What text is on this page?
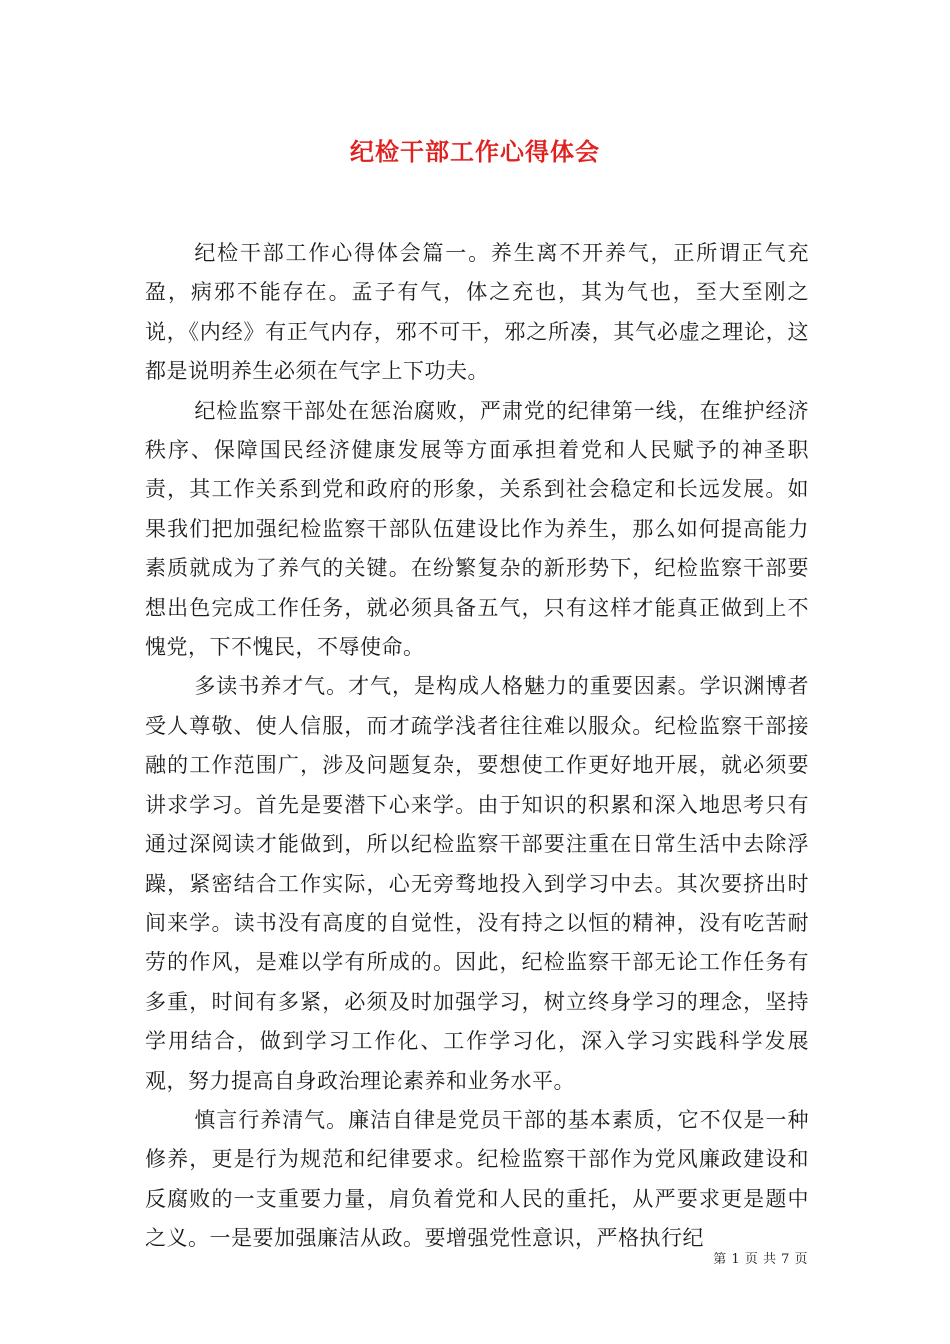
纪检干部工作心得体会

纪检干部工作心得体会篇一。养生离不开养气，正所谓正气充盈，病邪不能存在。孟子有气，体之充也，其为气也，至大至刚之说，《内经》有正气内存，邪不可干，邪之所凑，其气必虚之理论，这都是说明养生必须在气字上下功夫。

纪检监察干部处在惩治腐败，严肃党的纪律第一线，在维护经济秩序、保障国民经济健康发展等方面承担着党和人民赋予的神圣职责，其工作关系到党和政府的形象，关系到社会稳定和长远发展。如果我们把加强纪检监察干部队伍建设比作为养生，那么如何提高能力素质就成为了养气的关键。在纷繁复杂的新形势下，纪检监察干部要想出色完成工作任务，就必须具备五气，只有这样才能真正做到上不愧党，下不愧民，不辱使命。

多读书养才气。才气，是构成人格魅力的重要因素。学识渊博者受人尊敬、使人信服，而才疏学浅者往往难以服众。纪检监察干部接融的工作范围广，涉及问题复杂，要想使工作更好地开展，就必须要讲求学习。首先是要潜下心来学。由于知识的积累和深入地思考只有通过深阅读才能做到，所以纪检监察干部要注重在日常生活中去除浮躁，紧密结合工作实际，心无旁骛地投入到学习中去。其次要挤出时间来学。读书没有高度的自觉性，没有持之以恒的精神，没有吃苦耐劳的作风，是难以学有所成的。因此，纪检监察干部无论工作任务有多重，时间有多紧，必须及时加强学习，树立终身学习的理念，坚持学用结合，做到学习工作化、工作学习化，深入学习实践科学发展观，努力提高自身政治理论素养和业务水平。

慎言行养清气。廉洁自律是党员干部的基本素质，它不仅是一种修养，更是行为规范和纪律要求。纪检监察干部作为党风廉政建设和反腐败的一支重要力量，肩负着党和人民的重托，从严要求更是题中之义。一是要加强廉洁从政。要增强党性意识，严格执行纪

第 1 页 共 7 页
